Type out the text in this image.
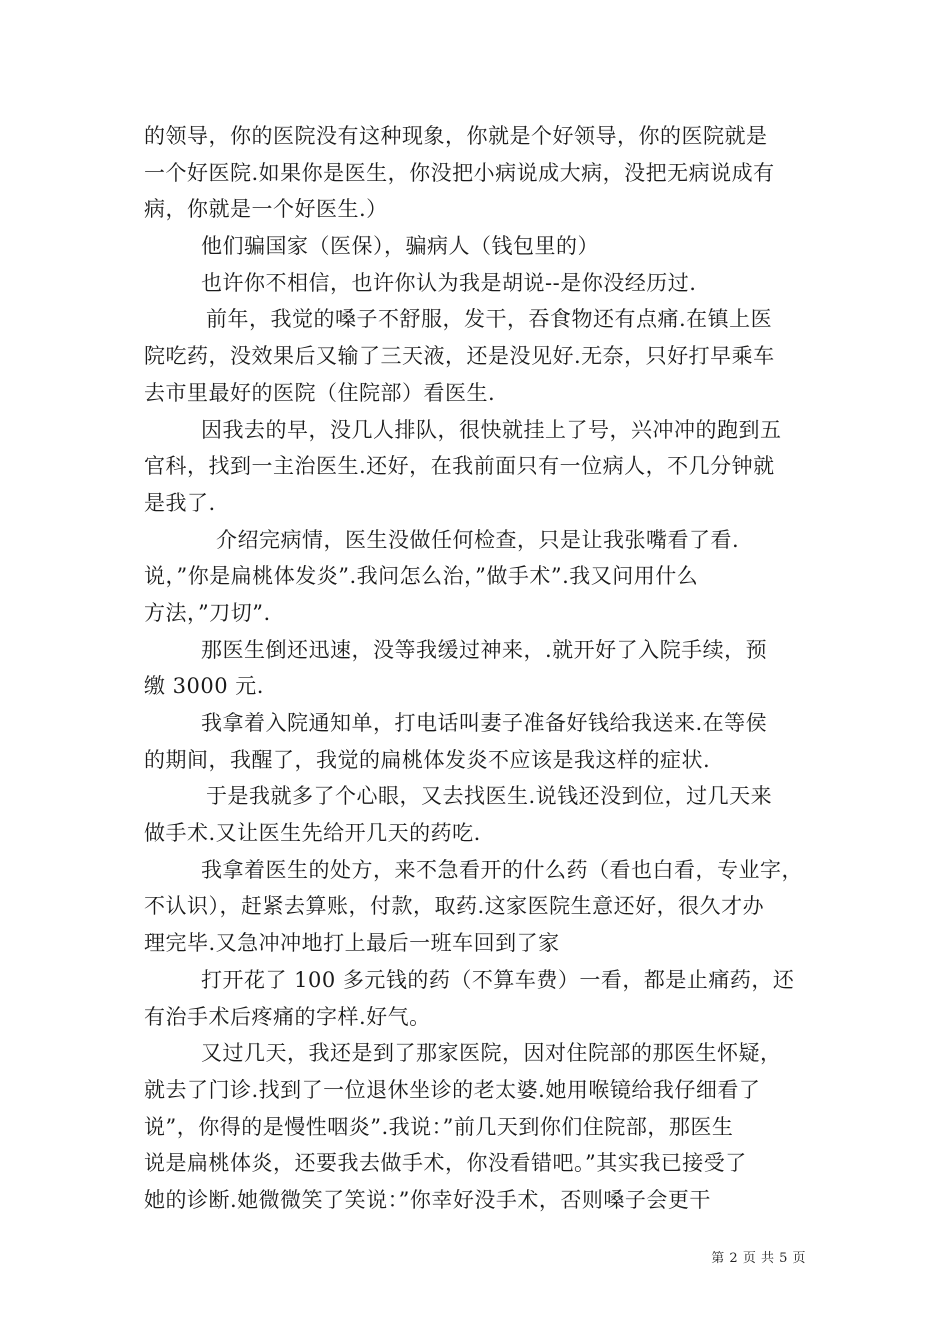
的领导，你的医院没有这种现象，你就是个好领导，你的医院就是
一个好医院.如果你是医生，你没把小病说成大病，没把无病说成有
病，你就是一个好医生.）

他们骗国家（医保），骗病人（钱包里的）

也许你不相信，也许你认为我是胡说--是你没经历过.

前年，我觉的嗓子不舒服，发干，吞食物还有点痛.在镇上医
院吃药，没效果后又输了三天液，还是没见好.无奈，只好打早乘车
去市里最好的医院（住院部）看医生.

因我去的早，没几人排队，很快就挂上了号，兴冲冲的跑到五
官科，找到一主治医生.还好，在我前面只有一位病人，不几分钟就
是我了.

介绍完病情，医生没做任何检查，只是让我张嘴看了看.
说，”你是扁桃体发炎”.我问怎么治，”做手术”.我又问用什么
方法，”刀切”.

那医生倒还迅速，没等我缓过神来，.就开好了入院手续，预
缴 3000 元.

我拿着入院通知单，打电话叫妻子准备好钱给我送来.在等侯
的期间，我醒了，我觉的扁桃体发炎不应该是我这样的症状.

于是我就多了个心眼，又去找医生.说钱还没到位，过几天来
做手术.又让医生先给开几天的药吃.

我拿着医生的处方，来不急看开的什么药（看也白看，专业字，
不认识），赶紧去算账，付款，取药.这家医院生意还好，很久才办
理完毕.又急冲冲地打上最后一班车回到了家

打开花了 100 多元钱的药（不算车费）一看，都是止痛药，还
有治手术后疼痛的字样.好气。

又过几天，我还是到了那家医院，因对住院部的那医生怀疑，
就去了门诊.找到了一位退休坐诊的老太婆.她用喉镜给我仔细看了
说”，你得的是慢性咽炎”.我说：”前几天到你们住院部，那医生
说是扁桃体炎，还要我去做手术，你没看错吧。”其实我已接受了
她的诊断.她微微笑了笑说：”你幸好没手术，否则嗓子会更干

第 2 页 共 5 页
